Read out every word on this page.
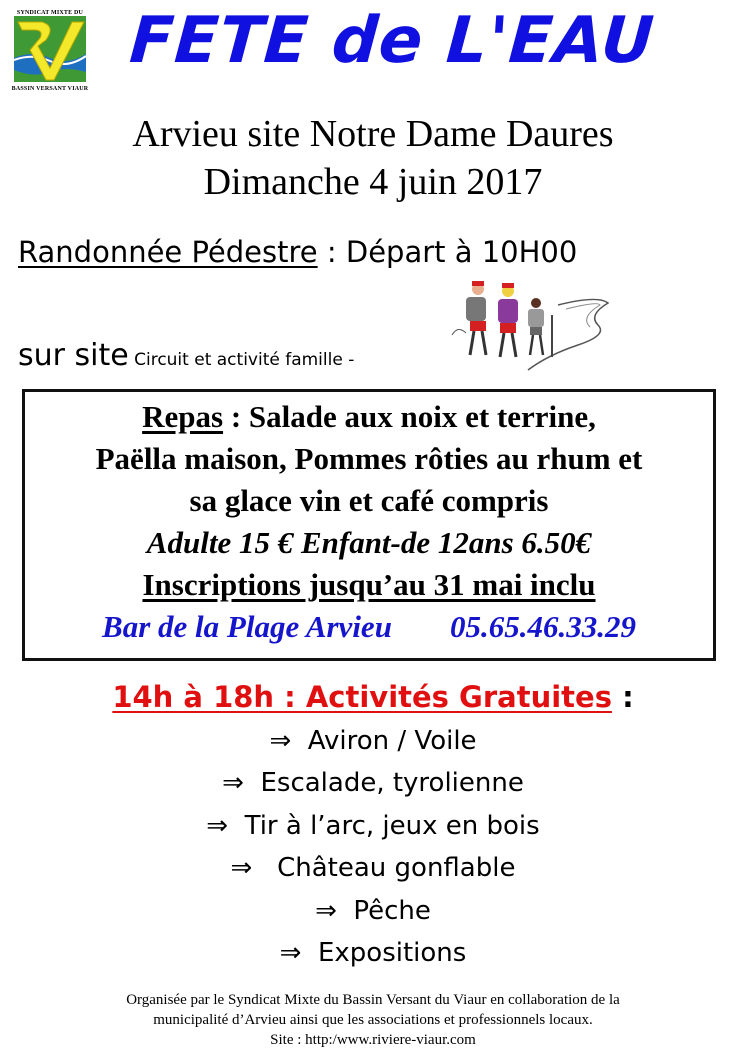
SYNDICAT MIXTE DU
BASSIN VERSANT VIAUR
FETE de L'EAU
Arvieu site Notre Dame Daures
Dimanche 4 juin 2017
Randonnée Pédestre : Départ à 10H00
sur site Circuit et activité famille -
Repas : Salade aux noix et terrine,
Paëlla maison, Pommes rôties au rhum et
sa glace vin et café compris
Adulte 15 € Enfant-de 12ans 6.50€
Inscriptions jusqu’au 31 mai inclu
Bar de la Plage Arvieu 05.65.46.33.29
14h à 18h : Activités Gratuites :
⇒ Aviron / Voile
⇒ Escalade, tyrolienne
⇒ Tir à l’arc, jeux en bois
⇒ Château gonflable
⇒ Pêche
⇒ Expositions
Organisée par le Syndicat Mixte du Bassin Versant du Viaur en collaboration de la
municipalité d’Arvieu ainsi que les associations et professionnels locaux.
Site : http:/www.riviere-viaur.com
